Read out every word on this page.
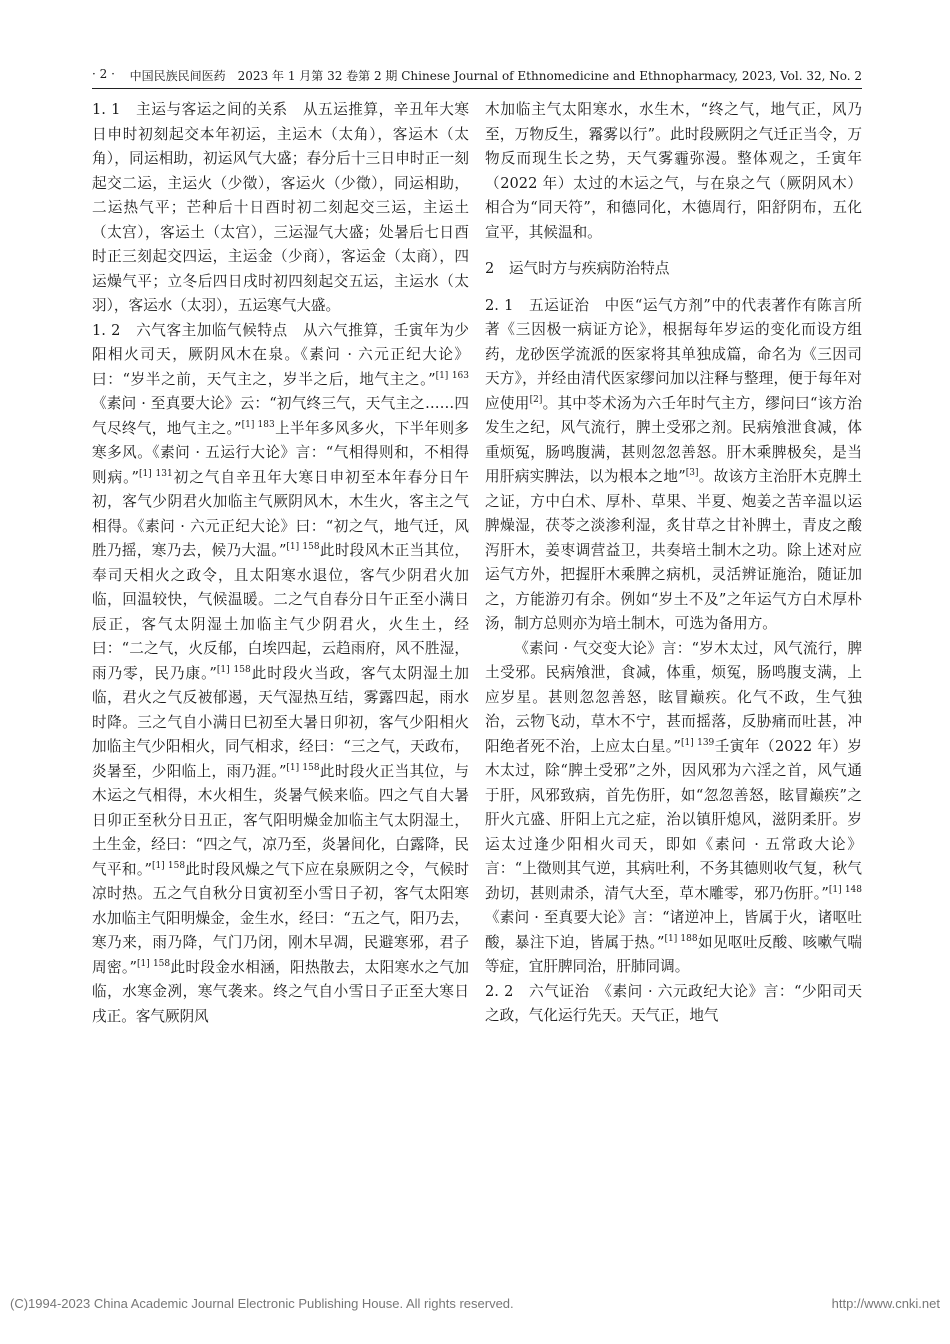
· 2 · 中国民族民间医药　2023 年 1 月第 32 卷第 2 期 Chinese Journal of Ethnomedicine and Ethnopharmacy, 2023, Vol. 32, No. 2

1. 1　主运与客运之间的关系　从五运推算，辛丑年大寒日申时初刻起交本年初运，主运木（太角），客运木（太角），同运相助，初运风气大盛；春分后十三日申时正一刻起交二运，主运火（少徵），客运火（少徵），同运相助，二运热气平；芒种后十日酉时初二刻起交三运，主运土（太宫），客运土（太宫），三运湿气大盛；处暑后七日酉时正三刻起交四运，主运金（少商），客运金（太商），四运燥气平；立冬后四日戌时初四刻起交五运，主运水（太羽），客运水（太羽），五运寒气大盛。

1. 2　六气客主加临气候特点　从六气推算，壬寅年为少阳相火司天，厥阴风木在泉。《素问 · 六元正纪大论》曰：“岁半之前，天气主之，岁半之后，地气主之。”$^{[1] 163}$《素问 · 至真要大论》云：“初气终三气，天气主之……四气尽终气，地气主之。”$^{[1] 183}$上半年多风多火，下半年则多寒多风。《素问 · 五运行大论》言：“气相得则和，不相得则病。”$^{[1] 131}$初之气自辛丑年大寒日申初至本年春分日午初，客气少阴君火加临主气厥阴风木，木生火，客主之气相得。《素问 · 六元正纪大论》曰：“初之气，地气迁，风胜乃摇，寒乃去，候乃大温。”$^{[1] 158}$此时段风木正当其位，奉司天相火之政令，且太阳寒水退位，客气少阴君火加临，回温较快，气候温暖。二之气自春分日午正至小满日辰正，客气太阴湿土加临主气少阴君火，火生土，经曰：“二之气，火反郁，白埃四起，云趋雨府，风不胜湿，雨乃零，民乃康。”$^{[1] 158}$此时段火当政，客气太阴湿土加临，君火之气反被郁遏，天气湿热互结，雾露四起，雨水时降。三之气自小满日巳初至大暑日卯初，客气少阳相火加临主气少阳相火，同气相求，经曰：“三之气，天政布，炎暑至，少阳临上，雨乃涯。”$^{[1] 158}$此时段火正当其位，与木运之气相得，木火相生，炎暑气候来临。四之气自大暑日卯正至秋分日丑正，客气阳明燥金加临主气太阴湿土，土生金，经曰：“四之气，凉乃至，炎暑间化，白露降，民气平和。”$^{[1] 158}$此时段风燥之气下应在泉厥阴之令，气候时凉时热。五之气自秋分日寅初至小雪日子初，客气太阳寒水加临主气阳明燥金，金生水，经曰：“五之气，阳乃去，寒乃来，雨乃降，气门乃闭，刚木早凋，民避寒邪，君子周密。”$^{[1] 158}$此时段金水相涵，阳热散去，太阳寒水之气加临，水寒金冽，寒气袭来。终之气自小雪日子正至大寒日戌正。客气厥阴风

木加临主气太阳寒水，水生木，“终之气，地气正，风乃至，万物反生，霿雾以行”。此时段厥阴之气迁正当令，万物反而现生长之势，天气雾霾弥漫。整体观之，壬寅年（2022 年）太过的木运之气，与在泉之气（厥阴风木）相合为“同天符”，和德同化，木德周行，阳舒阴布，五化宣平，其候温和。

2　运气时方与疾病防治特点

2. 1　五运证治　中医“运气方剂”中的代表著作有陈言所著《三因极一病证方论》，根据每年岁运的变化而设方组药，龙砂医学流派的医家将其单独成篇，命名为《三因司天方》，并经由清代医家缪问加以注释与整理，便于每年对应使用[2]。其中苓术汤为六壬年时气主方，缪问曰“该方治发生之纪，风气流行，脾土受邪之剂。民病飧泄食减，体重烦冤，肠鸣腹满，甚则忽忽善怒。肝木乘脾极矣，是当用肝病实脾法，以为根本之地”[3]。故该方主治肝木克脾土之证，方中白术、厚朴、草果、半夏、炮姜之苦辛温以运脾燥湿，茯苓之淡渗利湿，炙甘草之甘补脾土，青皮之酸泻肝木，姜枣调营益卫，共奏培土制木之功。除上述对应运气方外，把握肝木乘脾之病机，灵活辨证施治，随证加之，方能游刃有余。例如“岁土不及”之年运气方白术厚朴汤，制方总则亦为培土制木，可选为备用方。

《素问 · 气交变大论》言：“岁木太过，风气流行，脾土受邪。民病飧泄，食减，体重，烦冤，肠鸣腹支满，上应岁星。甚则忽忽善怒，眩冒巅疾。化气不政，生气独治，云物飞动，草木不宁，甚而摇落，反胁痛而吐甚，冲阳绝者死不治，上应太白星。”$^{[1] 139}$壬寅年（2022 年）岁木太过，除“脾土受邪”之外，因风邪为六淫之首，风气通于肝，风邪致病，首先伤肝，如“忽忽善怒，眩冒巅疾”之肝火亢盛、肝阳上亢之症，治以镇肝熄风，滋阴柔肝。岁运太过逢少阳相火司天，即如《素问 · 五常政大论》言：“上徵则其气逆，其病吐利，不务其德则收气复，秋气劲切，甚则肃杀，清气大至，草木雕零，邪乃伤肝。”$^{[1] 148}$《素问 · 至真要大论》言：“诸逆冲上，皆属于火，诸呕吐酸，暴注下迫，皆属于热。”$^{[1] 188}$如见呕吐反酸、咳嗽气喘等症，宜肝脾同治，肝肺同调。

2. 2　六气证治　《素问 · 六元政纪大论》言：“少阳司天之政，气化运行先天。天气正，地气

(C)1994-2023 China Academic Journal Electronic Publishing House. All rights reserved.	http://www.cnki.net
